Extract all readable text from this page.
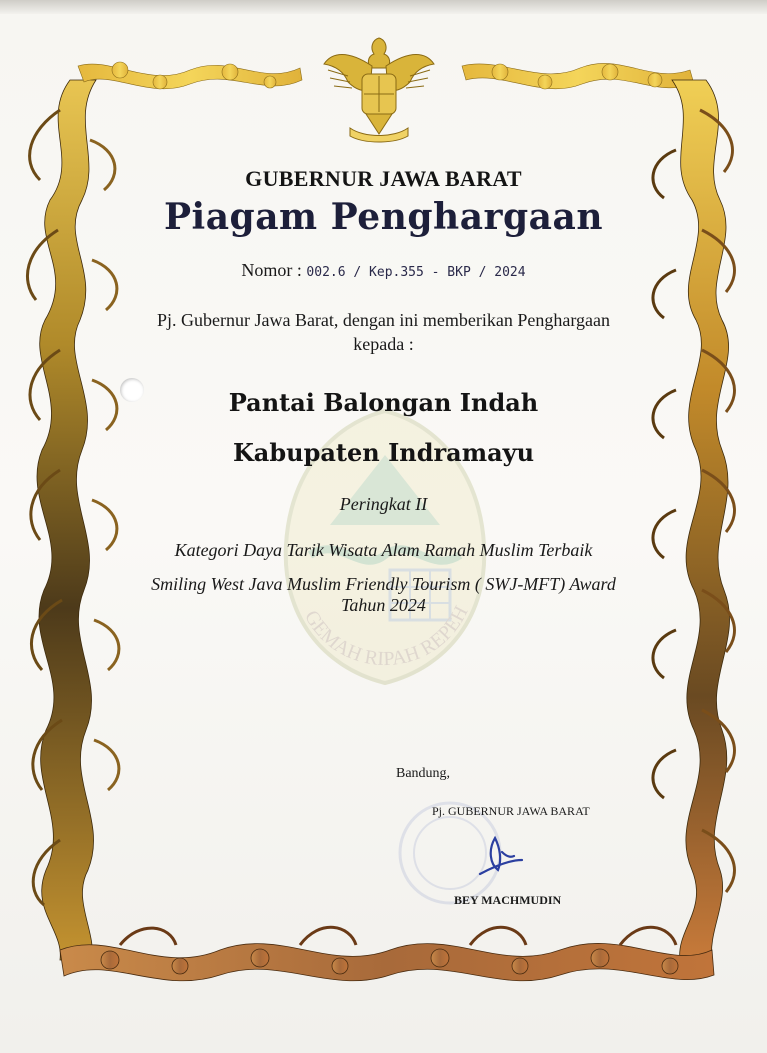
GEMAH RIPAH REPEH
GUBERNUR JAWA BARAT
Piagam Penghargaan
Nomor : 002.6 / Kep.355 - BKP / 2024
Pj. Gubernur Jawa Barat, dengan ini memberikan Penghargaan
kepada :
Pantai Balongan Indah
Kabupaten Indramayu
Peringkat II
Kategori Daya Tarik Wisata Alam Ramah Muslim Terbaik
Smiling West Java Muslim Friendly Tourism ( SWJ-MFT) Award
Tahun 2024
Bandung,
Pj. GUBERNUR JAWA BARAT
BEY MACHMUDIN
